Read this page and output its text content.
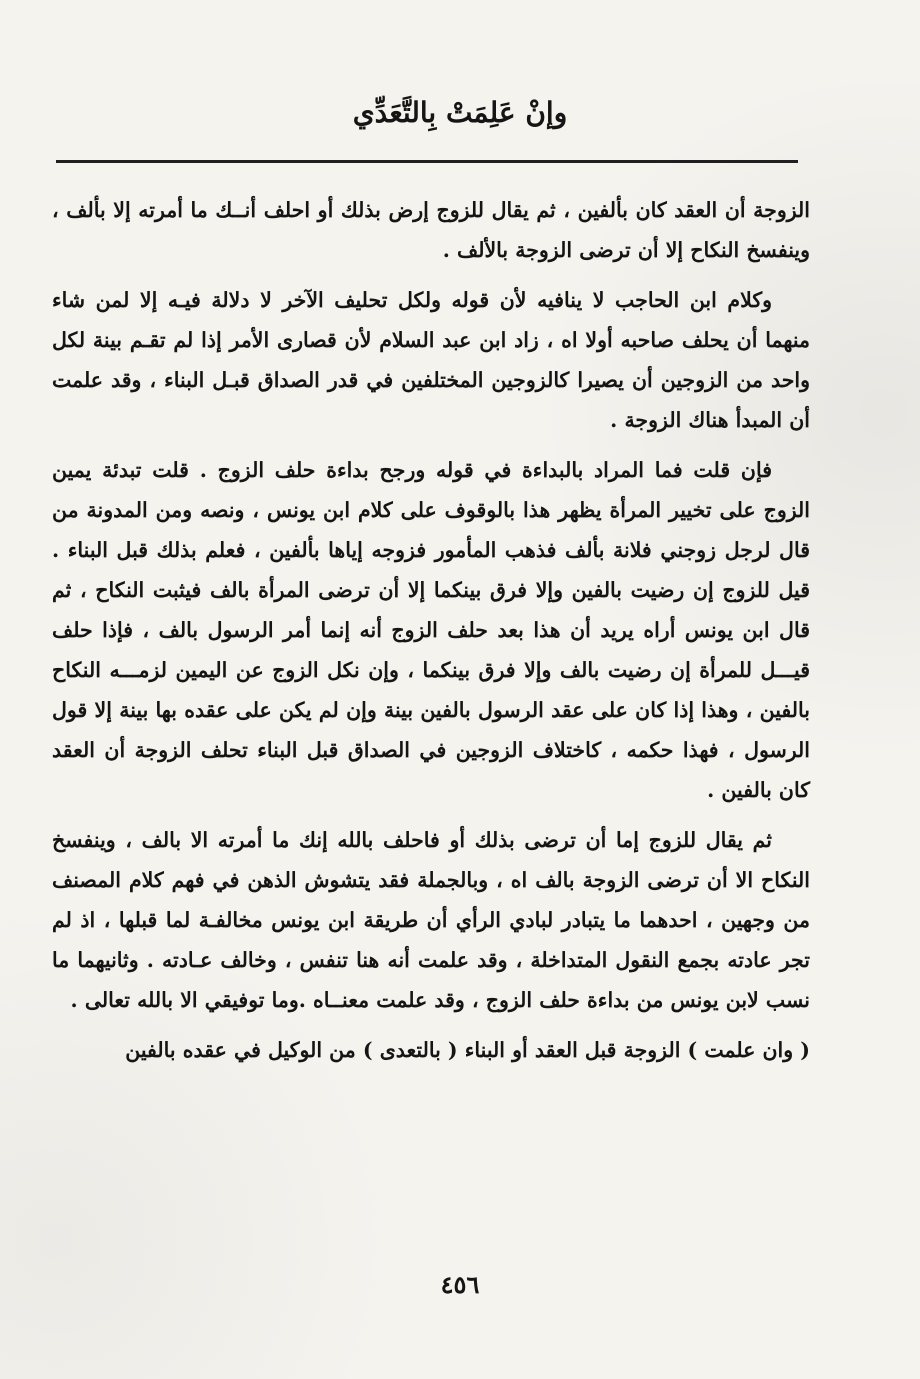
وإنْ عَلِمَتْ بِالتَّعَدِّي

الزوجة أن العقد كان بألفين ، ثم يقال للزوج إرض بذلك أو احلف أنــك ما أمرته إلا بألف ، وينفسخ النكاح إلا أن ترضى الزوجة بالألف .

وكلام ابن الحاجب لا ينافيه لأن قوله ولكل تحليف الآخر لا دلالة فيـه إلا لمن شاء منهما أن يحلف صاحبه أولا اه ، زاد ابن عبد السلام لأن قصارى الأمر إذا لم تقـم بينة لكل واحد من الزوجين أن يصيرا كالزوجين المختلفين في قدر الصداق قبـل البناء ، وقد علمت أن المبدأ هناك الزوجة .

فإن قلت فما المراد بالبداءة في قوله ورجح بداءة حلف الزوج . قلت تبدئة يمين الزوج على تخيير المرأة يظهر هذا بالوقوف على كلام ابن يونس ، ونصه ومن المدونة من قال لرجل زوجني فلانة بألف فذهب المأمور فزوجه إياها بألفين ، فعلم بذلك قبل البناء . قيل للزوج إن رضيت بالفين وإلا فرق بينكما إلا أن ترضى المرأة بالف فيثبت النكاح ، ثم قال ابن يونس أراه يريد أن هذا بعد حلف الزوج أنه إنما أمر الرسول بالف ، فإذا حلف قيـــل للمرأة إن رضيت بالف وإلا فرق بينكما ، وإن نكل الزوج عن اليمين لزمـــه النكاح بالفين ، وهذا إذا كان على عقد الرسول بالفين بينة وإن لم يكن على عقده بها بينة إلا قول الرسول ، فهذا حكمه ، كاختلاف الزوجين في الصداق قبل البناء تحلف الزوجة أن العقد كان بالفين .

ثم يقال للزوج إما أن ترضى بذلك أو فاحلف بالله إنك ما أمرته الا بالف ، وينفسخ النكاح الا أن ترضى الزوجة بالف اه ، وبالجملة فقد يتشوش الذهن في فهم كلام المصنف من وجهين ، احدهما ما يتبادر لبادي الرأي أن طريقة ابن يونس مخالفـة لما قبلها ، اذ لم تجر عادته بجمع النقول المتداخلة ، وقد علمت أنه هنا تنفس ، وخالف عـادته . وثانيهما ما نسب لابن يونس من بداءة حلف الزوج ، وقد علمت معنــاه .وما توفيقي الا بالله تعالى .

( وان علمت ) الزوجة قبل العقد أو البناء ( بالتعدى ) من الوكيل في عقده بالفين

٤٥٦
